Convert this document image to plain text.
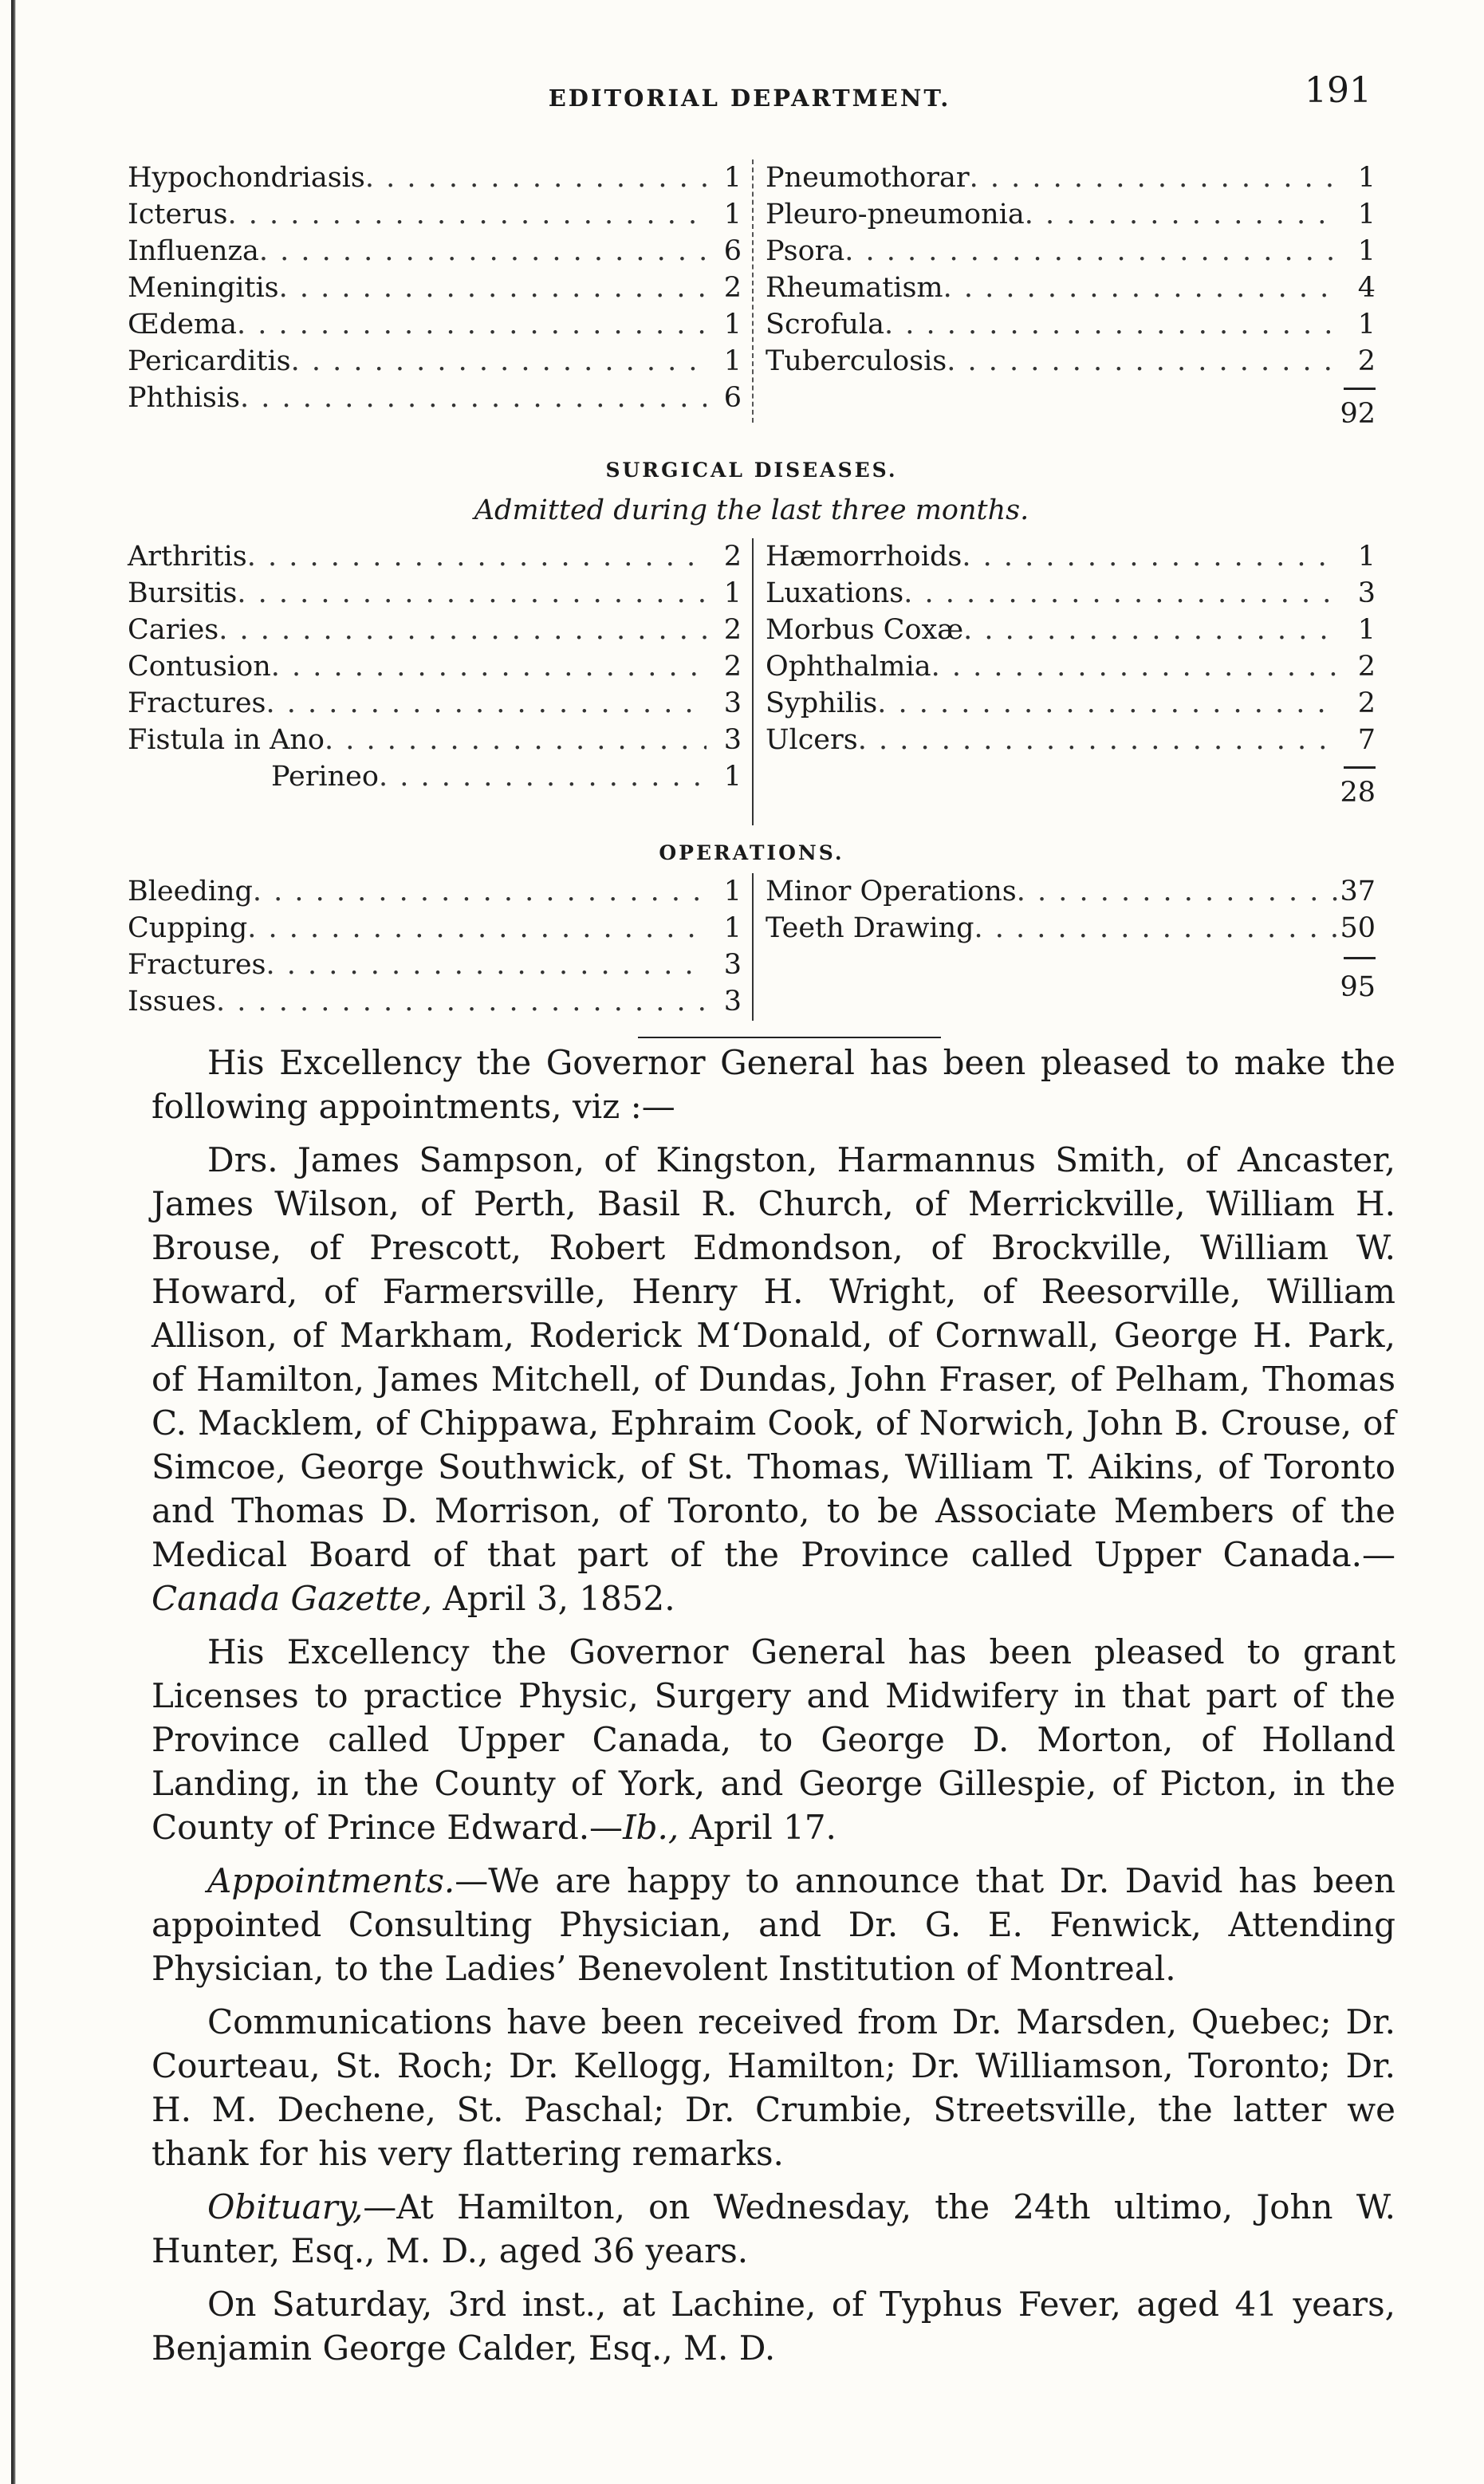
EDITORIAL DEPARTMENT.	191
Hypochondriasis . . .	1
Icterus . . .	1
Influenza . . .	6
Meningitis . . .	2
Œdema . . .	1
Pericarditis . . .	1
Phthisis . . .	6
Pneumothorar . . .	1
Pleuro-pneumonia . . .	1
Psora . . .	1
Rheumatism . . .	4
Scrofula . . .	1
Tuberculosis . . .	2
92
SURGICAL DISEASES.
Admitted during the last three months.
Arthritis . . .	2
Bursitis . . .	1
Caries . . .	2
Contusion . . .	2
Fractures . . .	3
Fistula in Ano . . .	3
Perineo . . .	1
Hæmorrhoids . . .	1
Luxations . . .	3
Morbus Coxæ . . .	1
Ophthalmia . . .	2
Syphilis . . .	2
Ulcers . . .	7
28
OPERATIONS.
Bleeding . . .	1
Cupping . . .	1
Fractures . . .	3
Issues . . .	3
Minor Operations . . .	37
Teeth Drawing . . .	50
95

His Excellency the Governor General has been pleased to make the following appointments, viz :—

Drs. James Sampson, of Kingston, Harmannus Smith, of Ancaster, James Wilson, of Perth, Basil R. Church, of Merrickville, William H. Brouse, of Prescott, Robert Edmondson, of Brockville, William W. Howard, of Farmersville, Henry H. Wright, of Reesorville, William Allison, of Markham, Roderick M‘Donald, of Cornwall, George H. Park, of Hamilton, James Mitchell, of Dundas, John Fraser, of Pelham, Thomas C. Macklem, of Chippawa, Ephraim Cook, of Norwich, John B. Crouse, of Simcoe, George Southwick, of St. Thomas, William T. Aikins, of Toronto and Thomas D. Morrison, of Toronto, to be Associate Members of the Medical Board of that part of the Province called Upper Canada.—Canada Gazette, April 3, 1852.

His Excellency the Governor General has been pleased to grant Licenses to practice Physic, Surgery and Midwifery in that part of the Province called Upper Canada, to George D. Morton, of Holland Landing, in the County of York, and George Gillespie, of Picton, in the County of Prince Edward.—Ib., April 17.

Appointments.—We are happy to announce that Dr. David has been appointed Consulting Physician, and Dr. G. E. Fenwick, Attending Physician, to the Ladies’ Benevolent Institution of Montreal.

Communications have been received from Dr. Marsden, Quebec; Dr. Courteau, St. Roch; Dr. Kellogg, Hamilton; Dr. Williamson, Toronto; Dr. H. M. Dechene, St. Paschal; Dr. Crumbie, Streetsville, the latter we thank for his very flattering remarks.

Obituary,—At Hamilton, on Wednesday, the 24th ultimo, John W. Hunter, Esq., M. D., aged 36 years.

On Saturday, 3rd inst., at Lachine, of Typhus Fever, aged 41 years, Benjamin George Calder, Esq., M. D.
